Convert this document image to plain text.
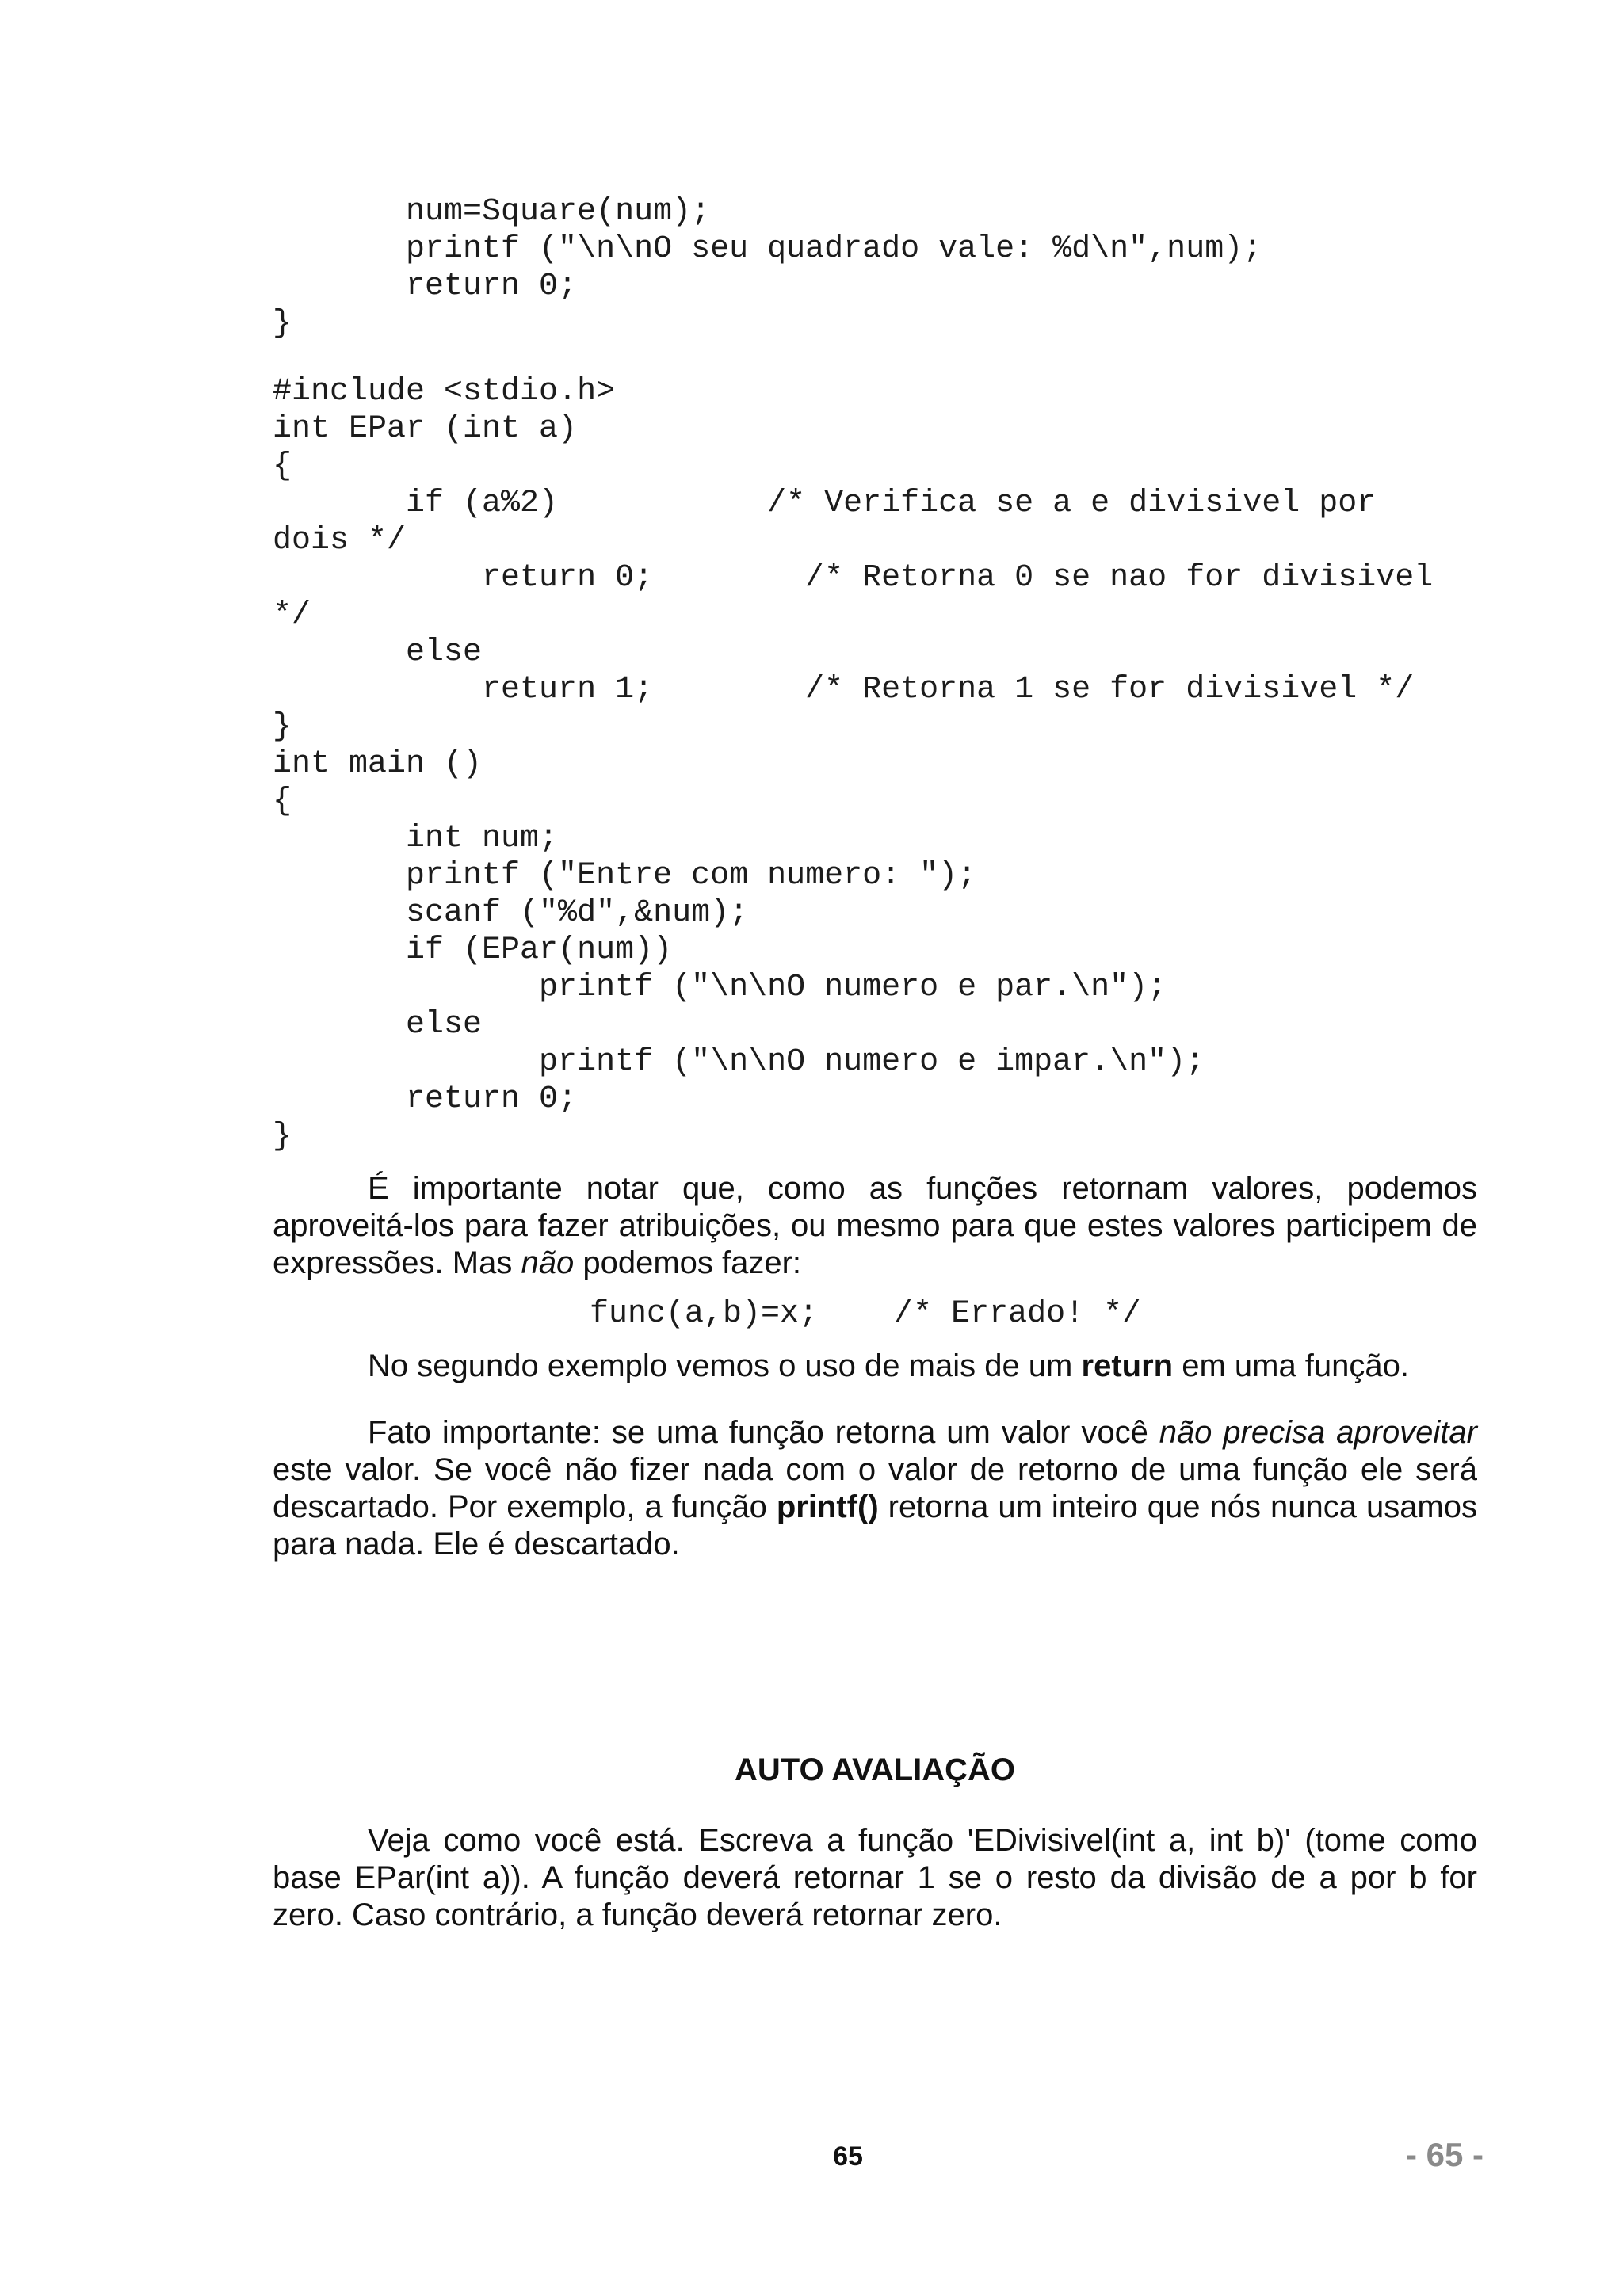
num=Square(num);
printf ("\n\nO seu quadrado vale: %d\n",num);
return 0;
}
#include <stdio.h>
int EPar (int a)
{
if (a%2)           /* Verifica se a e divisivel por
dois */
return 0;        /* Retorna 0 se nao for divisivel
*/
else
return 1;        /* Retorna 1 se for divisivel */
}
int main ()
{
int num;
printf ("Entre com numero: ");
scanf ("%d",&num);
if (EPar(num))
printf ("\n\nO numero e par.\n");
else
printf ("\n\nO numero e impar.\n");
return 0;
}

É importante notar que, como as funções retornam valores, podemos aproveitá-los para fazer atribuições, ou mesmo para que estes valores participem de expressões. Mas não podemos fazer:

func(a,b)=x;    /* Errado! */

No segundo exemplo vemos o uso de mais de um return em uma função.

Fato importante: se uma função retorna um valor você não precisa aproveitar este valor. Se você não fizer nada com o valor de retorno de uma função ele será descartado. Por exemplo, a função printf() retorna um inteiro que nós nunca usamos para nada. Ele é descartado.

AUTO AVALIAÇÃO

Veja como você está. Escreva a função 'EDivisivel(int a, int b)' (tome como base EPar(int a)). A função deverá retornar 1 se o resto da divisão de a por b for zero. Caso contrário, a função deverá retornar zero.

65	- 65 -
